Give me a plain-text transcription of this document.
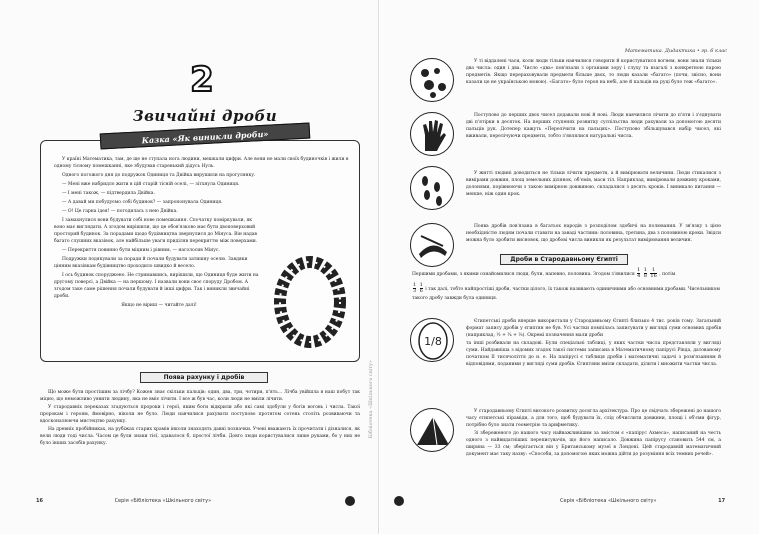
2
Звичайні дроби
Казка «Як виникли дроби»

У країні Математика, там, де ще не ступала нога людини, мешкали цифри. Але вони не мали своїх будиночків і жили в одному тісному помешканні, яке збудував старенький дідусь Нуль.

Одного погожого дня до подружок Одиниця та Двійка вирушили на прогулянку.

— Мені вже набридло жити в цій старій тісній оселі, — зітхнула Одиниця.

— І мені також, — підтвердила Двійка.

— А давай ми побудуємо собі будинок? — запропонувала Одиниця.

— О! Це гарна ідея! — погодилась з нею Двійка.

І замахнулися вони будувати собі нове помешкання. Спочатку поміркували, як воно має виглядати. А згодом вирішили, що це обов'язково має бути двоповерховий просторий будинок. За порадами щодо будівництва звернулися до Мінуса. Він надав багато слушних вказівок, але найбільше уваги приділяв перекриттю між поверхами.

— Перекриття повинно бути міцним і рівним, — наголосив Мінус.

Подружки подякували за поради й почали будувати затишну оселю. Завдяки цінним вказівкам будівництво проходило швидко й весело.

І ось будинок споруджено. Не стримавшись, вирішили, що Одиниця буде жити на другому поверсі, а Двійка — на першому. І назвали вони своє споруду Дробом. А згодом таке саме рішення почали будувати й інші цифри. Так і виникли звичайні дроби.

Якщо не віриш — читайте далі!

Поява рахунку і дробів

Що може бути простішим за лічбу? Кожен знає скільки пальців: один, два, три, чотири, п'ять… Лічба увійшла в наш побут так міцно, що неможливо уявити людину, яка не вміє лічити. І все ж був час, коли люди не вміли лічити.

У стародавніх переказах згадуються пророки і герої, яким боги відкрили або які самі здобули у богів вогонь і числа. Такої пророкам і героям, ймовірно, ніколи не було. Люди навчилися рахувати поступово протягом сотень століть розвиваючи та вдосконалюючи мистецтво рахунку.

На древніх пробійниках, на рубіжах старих храмів інколи знаходять давні позначки. Учені вважають їх прочитати і дізналися, як вели люди тоді числа. Часом це були знаки тієї, здавалося б, простої лічби. Довго люди користувалися лише руками, бо у них не було інших засобів рахунку.

Бібліотека «Шкільного світу»
16	Серія «Бібліотека «Шкільного світу»
Математика. Дидактика • гр. 6 клас

У ті віддалені часи, коли люди тільки навчилися говорити й користуватися вогнем, вони знали тільки два числа: один і два. Число «два» пов'язали з органами зору і слуху та взагалі з конкретною парою предметів. Якщо перераховували предмети більше двох, то люди казали «багато» (почи, звісно, вони казали це не українською мовою). «Багато» було героя на небі, але й пальців на руці було теж «багато».

Поступово до перших двох чисел додавали нові й нові. Люди навчилися лічити до п'яти і з'єднувати дві п'ятірки в десяток. На перших ступенях розвитку суспільства люди рахували за допомогою десяти пальців рук. Дотепер кажуть «Перелічити на пальцях». Поступово збільшувався набір чисел, які вживали, перелічуючи предмети, тобто з'являлися натуральні числа.

У житті людині доводиться не тільки лічити предмети, а й вимірювати величини. Люди стикалися з вимірами довжин, площ земельних ділянок, об'ємів, маси тіл. Наприклад, вимірювали довжину кроками, долонями, порівнюючи з такою вимірною довжиною, складалися з десять кроків. І виникало питання — менше, ніж один крок.

Поява дробів пов'язана в багатьох народів з розподілом здобичі на полювання. У зв'язку з цією необхідністю людям почали ставати на заваді частини: половина, третина, два з половиною кроки. Звідси можна було зробити висновок, що дробові числа виникли як результат вимірювання величин.

Дроби в Стародавньому Єгипті
Першими дробами, з якими ознайомилися люди, були, напевно, половина. Згодом з'явилися $\frac{1}{4} \frac{1}{8} \frac{1}{16}$ , потім
$\frac{1}{3} \frac{1}{6}$ і так далі, тобто найпростіші дроби, частки цілого, їх також називають одиничними або основними дробами. Чисельником такого дробу завжди була одиниця.
1/8

Єгипетські дроби вперше використали у Стародавньому Єгипті близько 4 тис. років тому. Загальний формат запису дробів у єгиптян не був. Усі частки помпілась записувати у вигляді суми основних дробів (наприклад, ½ + ¼ + ⅛). Окремі позначення мали дроби

та інші розбивали на складові. Були спеціальні таблиці, у яких частки числа представляли у вигляді суми. Найдавніша з відомих згадок такої системи записана в Математичному папірусі Рінда, датованому початком II тисячоліття до н. е. На папірусі є таблиця дробів і математичні задачі з розв'язанням й відповідями, поданими у вигляді суми дробів. Єгиптяни вміли складати, ділити і множити частки числа.

У стародавньому Єгипті високого розвитку досягла архітектура. Про це свідчать збережені до нашого часу єгипетські піраміди, а для того, щоб будувати їх, слід обчислити довжини, площі і об'єми фігур, потрібно було знати геометрію та арифметику.

Зі збереженого до нашого часу найважливішим за змістом є «папірус Ахмеса», написаний на честь одного з найвидатніших переписувачів, що його написало. Довжина папірусу становить 544 см, а ширина — 33 см; зберігається він у Британському музеї в Лондоні. Цей стародавній математичний документ має таку назву: «Способи, за допомогою яких можна дійти до розуміння всіх темних речей».

Серія «Бібліотека «Шкільного світу»	17
